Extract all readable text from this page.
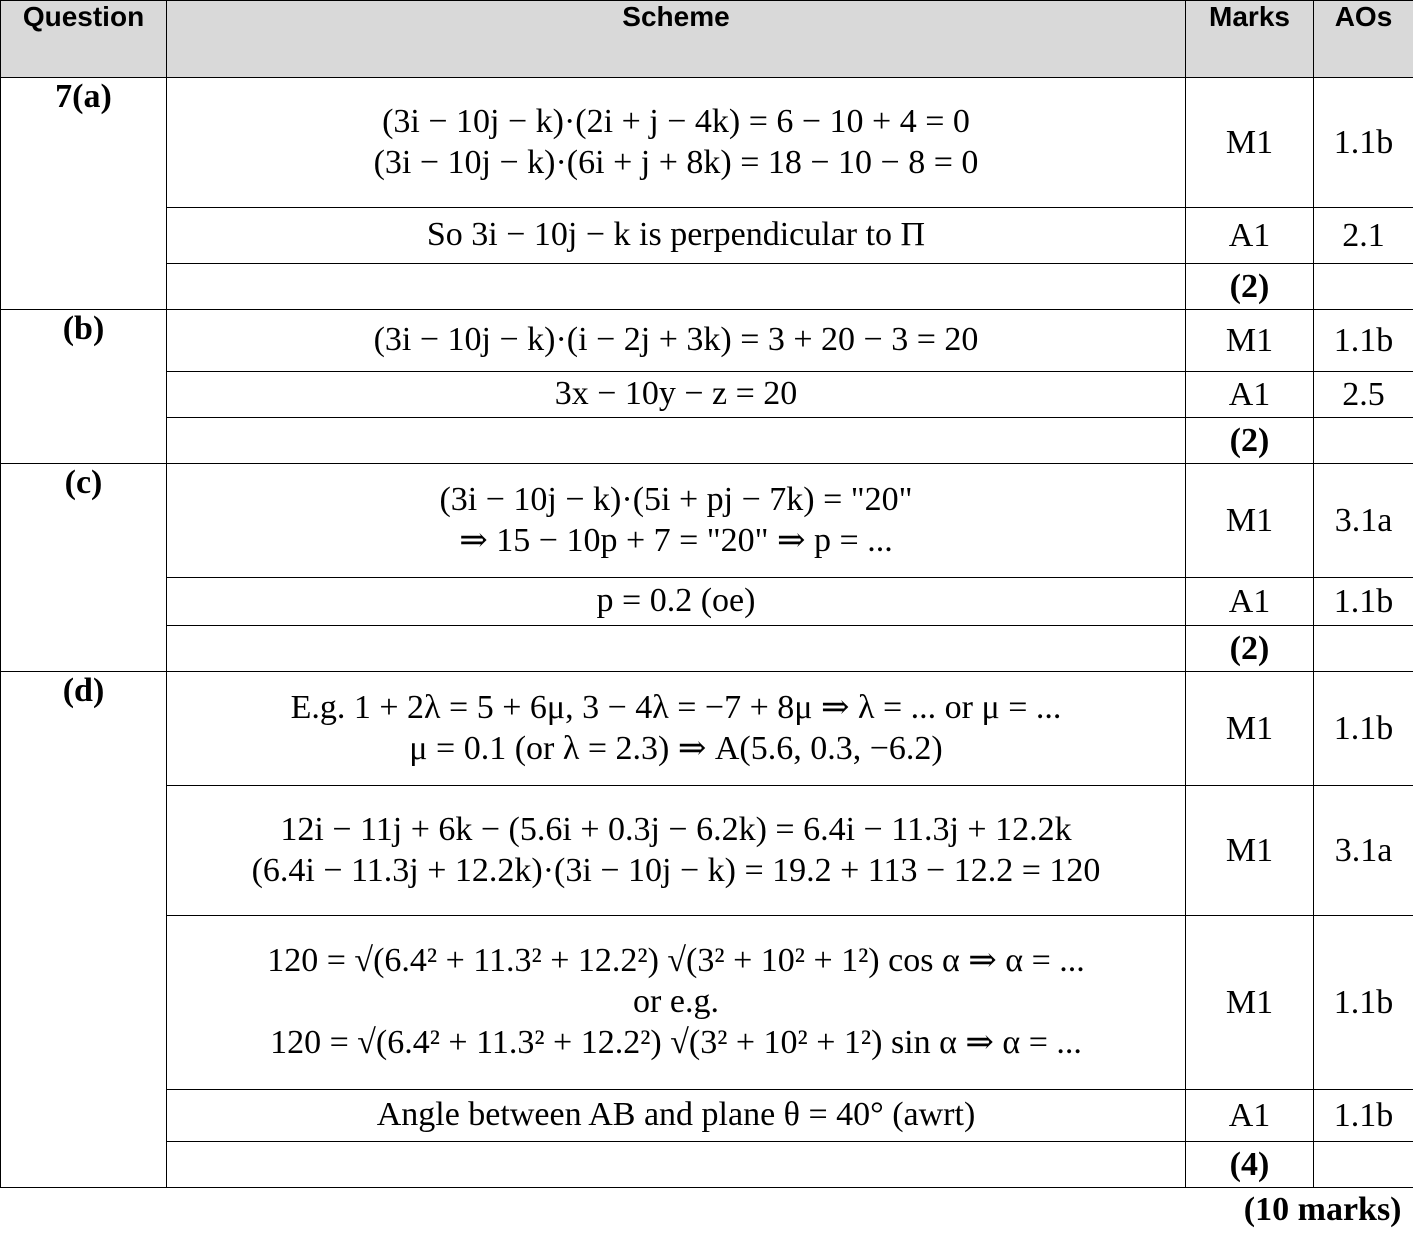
Question	Scheme	Marks	AOs
7(a)	(3i − 10j − k)·(2i + j − 4k) = 6 − 10 + 4 = 0
(3i − 10j − k)·(6i + j + 8k) = 18 − 10 − 8 = 0	M1	1.1b

	So 3i − 10j − k is perpendicular to Π	A1	2.1
		(2)	
(b)	(3i − 10j − k)·(i − 2j + 3k) = 3 + 20 − 3 = 20	M1	1.1b

	3x − 10y − z = 20	A1	2.5
		(2)	
(c)	(3i − 10j − k)·(5i + pj − 7k) = "20"
⇒ 15 − 10p + 7 = "20" ⇒ p = ...	M1	3.1a

	p = 0.2 (oe)	A1	1.1b
		(2)	
(d)	E.g. 1 + 2λ = 5 + 6μ, 3 − 4λ = −7 + 8μ ⇒ λ = ... or μ = ...
μ = 0.1 (or λ = 2.3) ⇒ A(5.6, 0.3, −6.2)	M1	1.1b

	12i − 11j + 6k − (5.6i + 0.3j − 6.2k) = 6.4i − 11.3j + 12.2k
(6.4i − 11.3j + 12.2k)·(3i − 10j − k) = 19.2 + 113 − 12.2 = 120	M1	3.1a

	120 = √(6.4² + 11.3² + 12.2²) √(3² + 10² + 1²) cos α ⇒ α = ...
or e.g.
120 = √(6.4² + 11.3² + 12.2²) √(3² + 10² + 1²) sin α ⇒ α = ...	M1	1.1b

	Angle between AB and plane θ = 40° (awrt)	A1	1.1b
		(4)	
(10 marks)			
